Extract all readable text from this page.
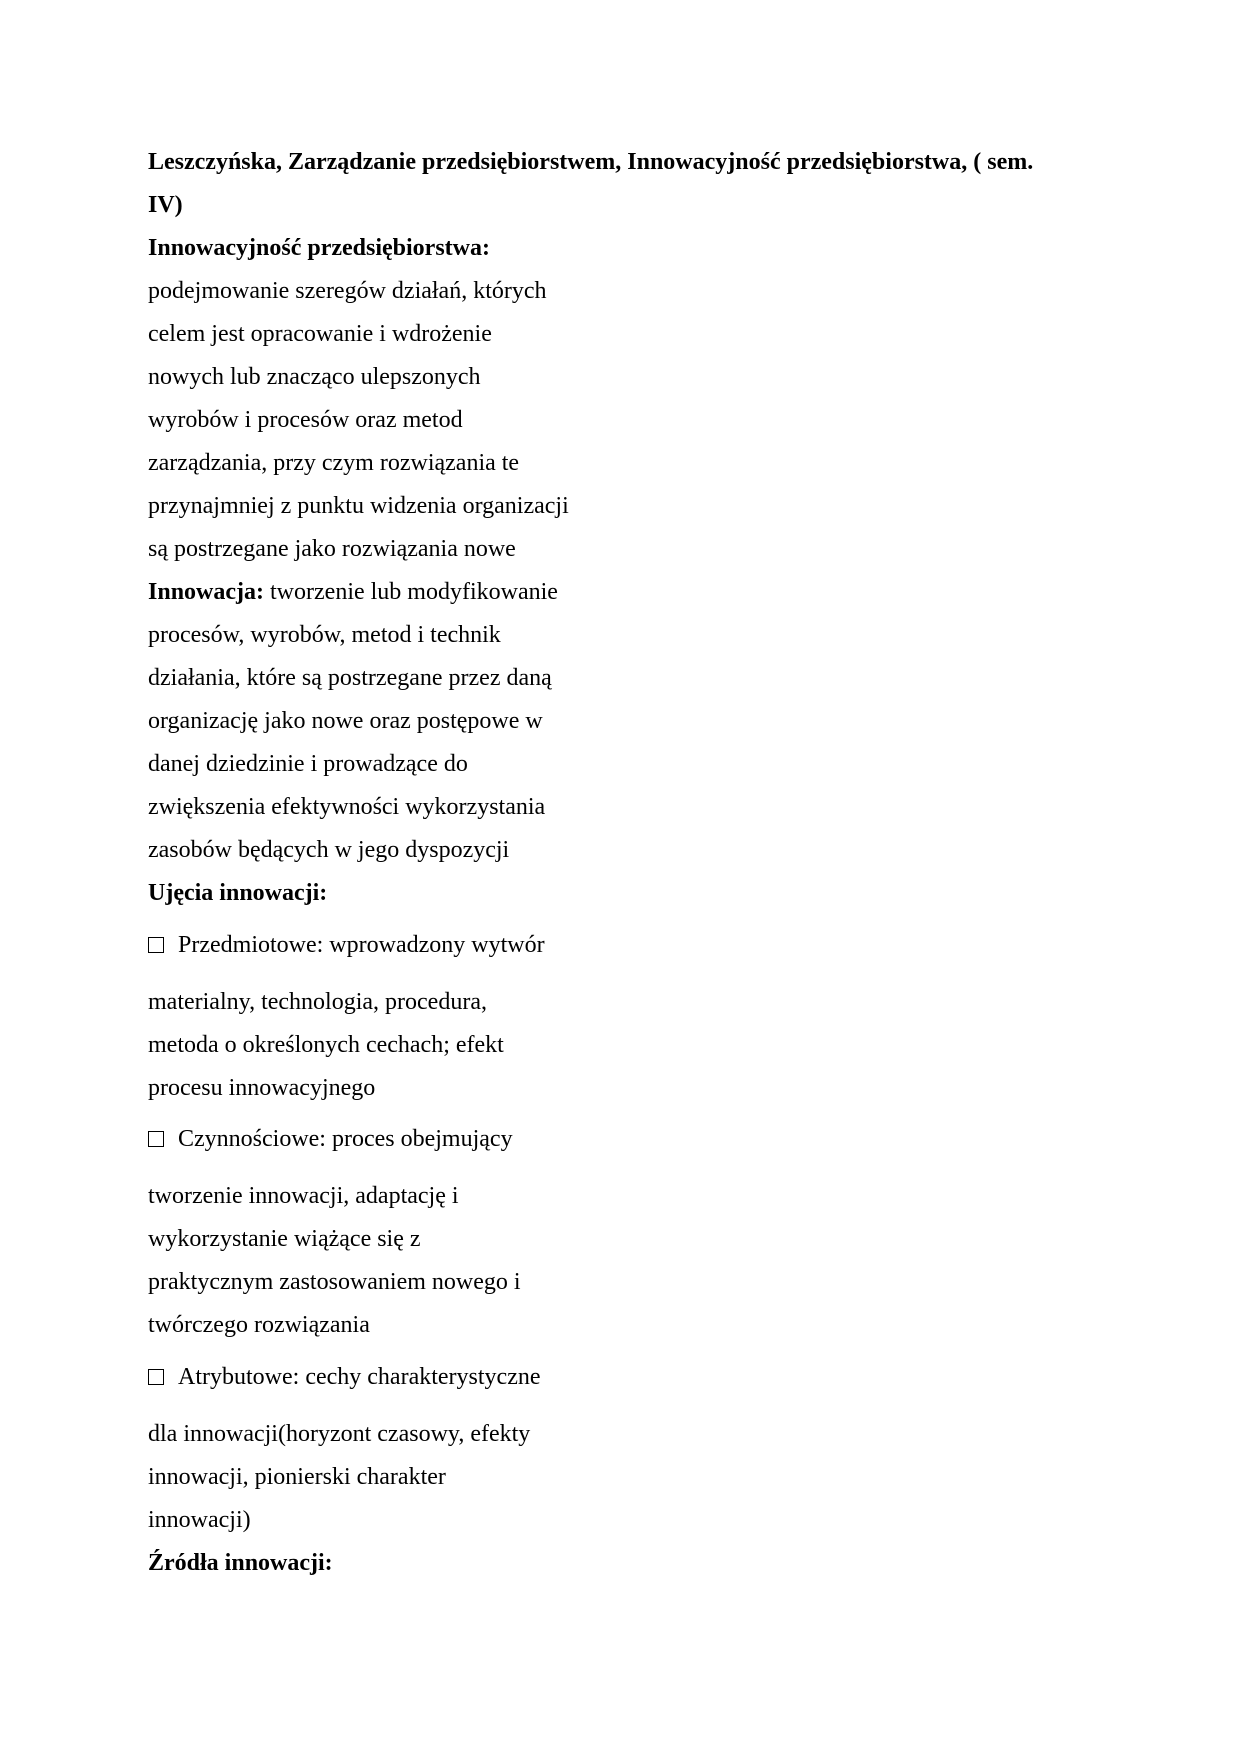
Leszczyńska, Zarządzanie przedsiębiorstwem, Innowacyjność przedsiębiorstwa, ( sem.
IV)
Innowacyjność przedsiębiorstwa:
podejmowanie szeregów działań, których
celem jest opracowanie i wdrożenie
nowych lub znacząco ulepszonych
wyrobów i procesów oraz metod
zarządzania, przy czym rozwiązania te
przynajmniej z punktu widzenia organizacji
są postrzegane jako rozwiązania nowe
Innowacja: tworzenie lub modyfikowanie
procesów, wyrobów, metod i technik
działania, które są postrzegane przez daną
organizację jako nowe oraz postępowe w
danej dziedzinie i prowadzące do
zwiększenia efektywności wykorzystania
zasobów będących w jego dyspozycji
Ujęcia innowacji:
Przedmiotowe: wprowadzony wytwór
materialny, technologia, procedura,
metoda o określonych cechach; efekt
procesu innowacyjnego
Czynnościowe: proces obejmujący
tworzenie innowacji, adaptację i
wykorzystanie wiążące się z
praktycznym zastosowaniem nowego i
twórczego rozwiązania
Atrybutowe: cechy charakterystyczne
dla innowacji(horyzont czasowy, efekty
innowacji, pionierski charakter
innowacji)
Źródła innowacji:
